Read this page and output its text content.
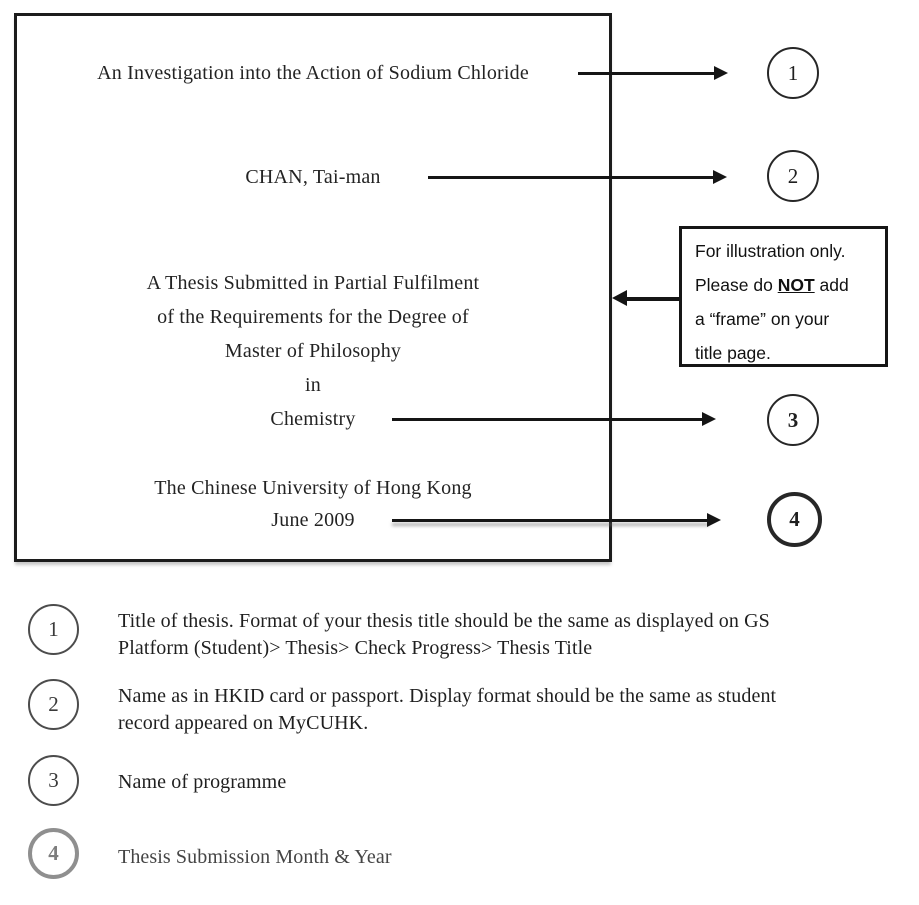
An Investigation into the Action of Sodium Chloride
CHAN, Tai-man
A Thesis Submitted in Partial Fulfilment
of the Requirements for the Degree of
Master of Philosophy
in
Chemistry
The Chinese University of Hong Kong
June 2009
1
2
3
4
For illustration only.
Please do NOT add
a “frame” on your
title page.
1	Title of thesis. Format of your thesis title should be the same as displayed on GS
Platform (Student)> Thesis> Check Progress> Thesis Title
2	Name as in HKID card or passport. Display format should be the same as student
record appeared on MyCUHK.
3	Name of programme
4	Thesis Submission Month & Year
